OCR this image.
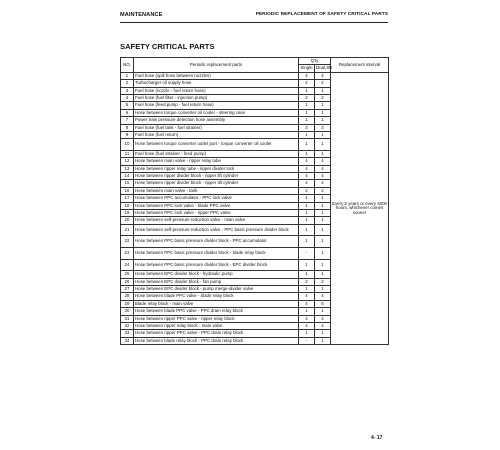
MAINTENANCE	PERIODIC REPLACEMENT OF SAFETY CRITICAL PARTS
SAFETY CRITICAL PARTS
NO.	Periodic replacement parts	Q'ty		Replacement interval
		Single	Dual,SD	
1	Fuel hose (spill hose between nozzles)	4	4	Every 2 years or every 4000 hours, whichever comes sooner
2	Turbocharger oil supply hose	2	2	
3	Fuel hose (nozzle - fuel return hose)	1	1	
4	Fuel hose (fuel filter - injection pump)	2	2	
5	Fuel hose (feed pump - fuel return hose)	1	1	
6	Hose between torque converter oil cooler - steering case	1	1	
7	Power train pressure detection hose assembly	1	1	
8	Fuel hose (fuel tank - fuel strainer)	3	3	
9	Fuel hose (fuel return)	1	1	
10	Hose between torque converter outlet port - torque converter oil cooler	1	1	
11	Fuel hose (fuel strainer - feed pump)	1	1	
12	Hose between main valve - ripper relay tube	4	4	
13	Hose between ripper relay tube - ripper divider lock	4	4	
14	Hose between ripper divider block - ripper lift cylinder	4	4	
15	Hose between ripper divider block - ripper tilt cylinder	4	4	
16	Hose between main valve - tank	2	2	
17	Hose between PPC accumulator - PPC lock valve	1	1	
18	Hose between PPC lock valve - blade PPC valve	1	1	
19	Hose between PPC lock valve - ripper PPC valve	1	1	
20	Hose between self-pressure reduction valve - main valve	1	1	
21	Hose between self-pressure reduction valve - PPC basic pressure divider block	1	1	
22	Hose between PPC basic pressure divider block - PPC accumulator	1	1	
23	Hose between PPC basic pressure divider block - blade relay block	-	1	
24	Hose between PPC basic pressure divider block - EPC divider block	1	1	
25	Hose between EPC divider block - hydraulic pump	1	1	
26	Hose between EPC divider block - fan pump	2	2	
27	Hose between EPC divider block - pump merge-divider valve	1	1	
28	Hose between blade PPC valve - blade relay block	4	4	
29	Blade relay block - main valve	4	6	
30	Hose between blade PPC valve - PPC drain relay block	1	1	
31	Hose between ripper PPC valve - ripper relay block	4	4	
32	Hose between ripper relay block - main valve	4	4	
33	Hose between ripper PPC valve - PPC drain relay block	1	1	
34	Hose between blade relay block - PPC drain relay block	-	1	
4- 17
